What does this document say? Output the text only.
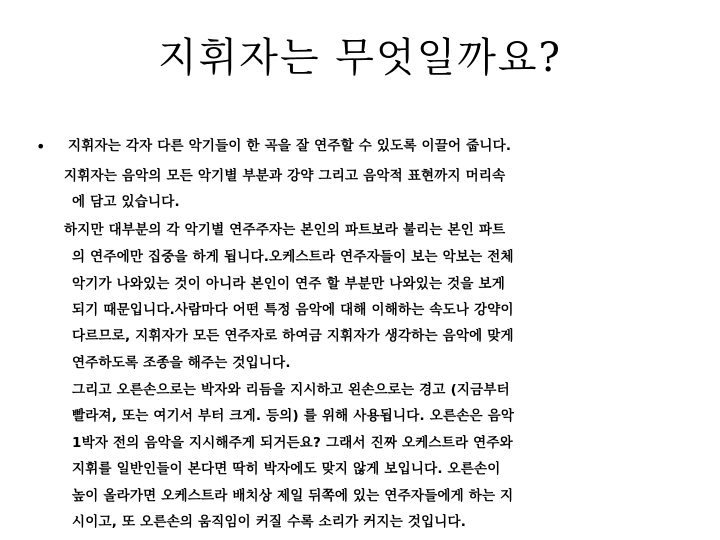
지휘자는 무엇일까요?
• 지휘자는 각자 다른 악기들이 한 곡을 잘 연주할 수 있도록 이끌어 줍니다.
지휘자는 음악의 모든 악기별 부분과 강약 그리고 음악적 표현까지 머리속
에 담고 있습니다.
하지만 대부분의 각 악기별 연주주자는 본인의 파트보라 불리는 본인 파트
의 연주에만 집중을 하게 됩니다.오케스트라 연주자들이 보는 악보는 전체
악기가 나와있는 것이 아니라 본인이 연주 할 부분만 나와있는 것을 보게
되기 때문입니다.사람마다 어떤 특정 음악에 대해 이해하는 속도나 강약이
다르므로, 지휘자가 모든 연주자로 하여금 지휘자가 생각하는 음악에 맞게
연주하도록 조종을 해주는 것입니다.
그리고 오른손으로는 박자와 리듬을 지시하고 왼손으로는 경고 (지금부터
빨라져, 또는 여기서 부터 크게. 등의) 를 위해 사용됩니다. 오른손은 음악
1박자 전의 음악을 지시해주게 되거든요? 그래서 진짜 오케스트라 연주와
지휘를 일반인들이 본다면 딱히 박자에도 맞지 않게 보입니다. 오른손이
높이 올라가면 오케스트라 배치상 제일 뒤쪽에 있는 연주자들에게 하는 지
시이고, 또 오른손의 움직임이 커질 수록 소리가 커지는 것입니다.
